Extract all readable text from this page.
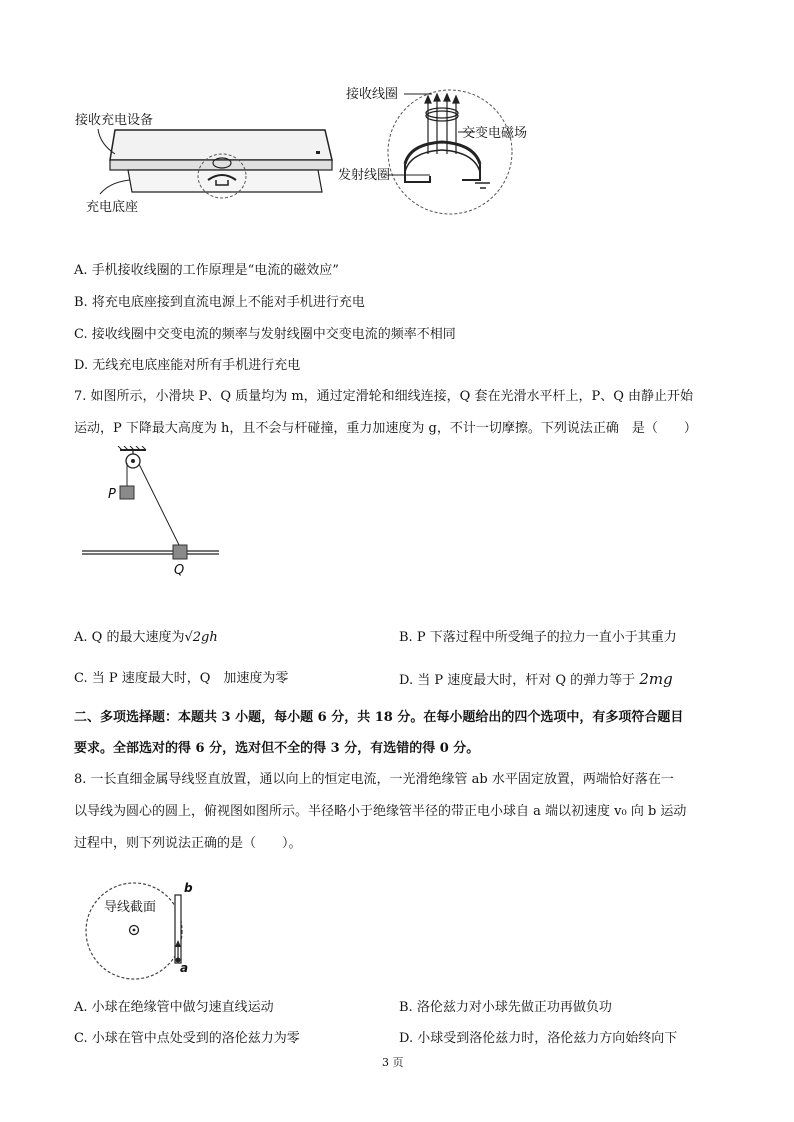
接收充电设备
充电底座
接收线圈
交变电磁场
发射线圈
A. 手机接收线圈的工作原理是“电流的磁效应”
B. 将充电底座接到直流电源上不能对手机进行充电
C. 接收线圈中交变电流的频率与发射线圈中交变电流的频率不相同
D. 无线充电底座能对所有手机进行充电
7. 如图所示，小滑块 P、Q 质量均为 m，通过定滑轮和细线连接，Q 套在光滑水平杆上，P、Q 由静止开始
运动，P 下降最大高度为 h，且不会与杆碰撞，重力加速度为 g，不计一切摩擦。下列说法正确　是（　　）
P
Q
A. Q 的最大速度为√2gh	B. P 下落过程中所受绳子的拉力一直小于其重力
C. 当 P 速度最大时，Q　加速度为零	D. 当 P 速度最大时，杆对 Q 的弹力等于 2mg
二、多项选择题：本题共 3 小题，每小题 6 分，共 18 分。在每小题给出的四个选项中，有多项符合题目
要求。全部选对的得 6 分，选对但不全的得 3 分，有选错的得 0 分。
8. 一长直细金属导线竖直放置，通以向上的恒定电流，一光滑绝缘管 ab 水平固定放置，两端恰好落在一
以导线为圆心的圆上，俯视图如图所示。半径略小于绝缘管半径的带正电小球自 a 端以初速度 v₀ 向 b 运动
过程中，则下列说法正确的是（　　）。
导线截面
b
a
A. 小球在绝缘管中做匀速直线运动	B. 洛伦兹力对小球先做正功再做负功
C. 小球在管中点处受到的洛伦兹力为零	D. 小球受到洛伦兹力时，洛伦兹力方向始终向下
3 页
